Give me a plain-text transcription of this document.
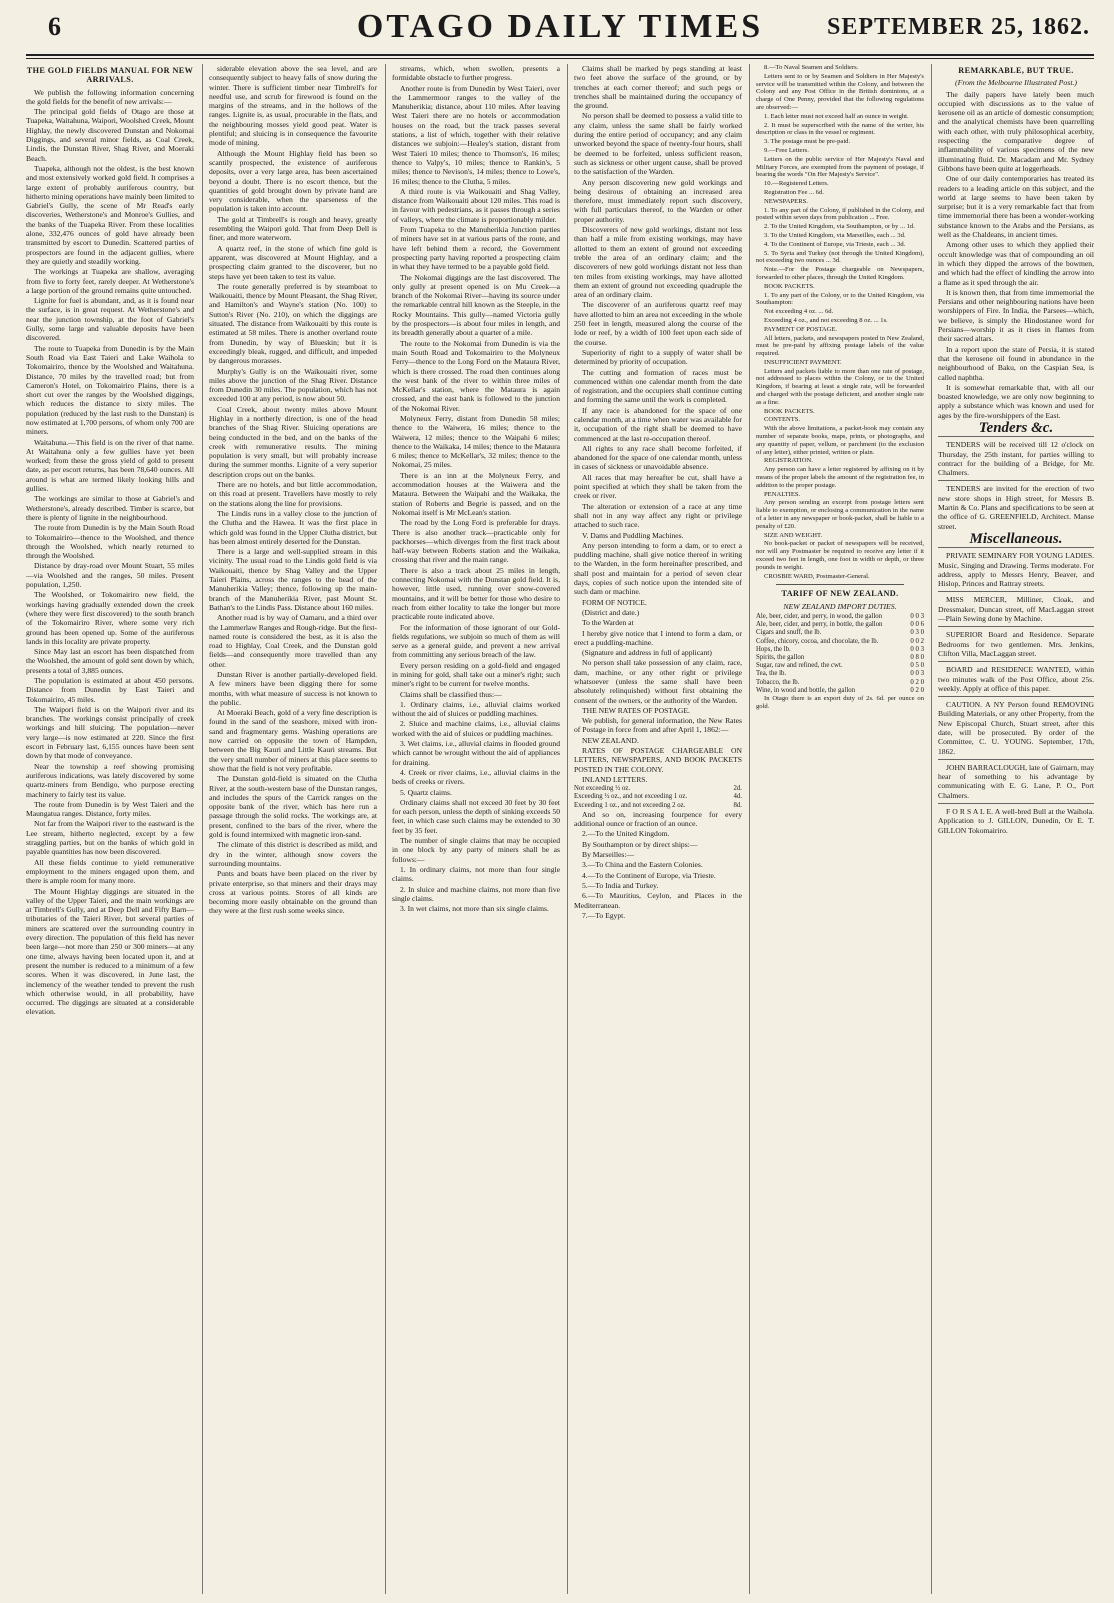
6	OTAGO DAILY TIMES	SEPTEMBER 25, 1862.
THE GOLD FIELDS MANUAL FOR NEW ARRIVALS.

We publish the following information concerning the gold fields for the benefit of new arrivals:—

The principal gold fields of Otago are those at Tuapeka, Waitahuna, Waipori, Woolshed Creek, Mount Highlay, the newly discovered Dunstan and Nokomai Diggings, and several minor fields, as Coal Creek, Lindis, the Dunstan River, Shag River, and Moeraki Beach.

Tuapeka, although not the oldest, is the best known and most extensively worked gold field. It comprises a large extent of probably auriferous country, but hitherto mining operations have mainly been limited to Gabriel's Gully, the scene of Mr Read's early discoveries, Wetherstone's and Monroe's Gullies, and the banks of the Tuapeka River. From these localities alone, 332,476 ounces of gold have already been transmitted by escort to Dunedin. Scattered parties of prospectors are found in the adjacent gullies, where they are quietly and steadily working.

The workings at Tuapeka are shallow, averaging from five to forty feet, rarely deeper. At Wetherstone's a large portion of the ground remains quite untouched.

Lignite for fuel is abundant, and, as it is found near the surface, is in great request. At Wetherstone's and near the junction township, at the foot of Gabriel's Gully, some large and valuable deposits have been discovered.

The route to Tuapeka from Dunedin is by the Main South Road via East Taieri and Lake Waihola to Tokomairiro, thence by the Woolshed and Waitahuna. Distance, 70 miles by the travelled road; but from Cameron's Hotel, on Tokomairiro Plains, there is a short cut over the ranges by the Woolshed diggings, which reduces the distance to sixty miles. The population (reduced by the last rush to the Dunstan) is now estimated at 1,700 persons, of whom only 700 are miners.

Waitahuna.—This field is on the river of that name. At Waitahuna only a few gullies have yet been worked; from these the gross yield of gold to present date, as per escort returns, has been 78,640 ounces. All around is what are termed likely looking hills and gullies.

The workings are similar to those at Gabriel's and Wetherstone's, already described. Timber is scarce, but there is plenty of lignite in the neighbourhood.

The route from Dunedin is by the Main South Road to Tokomairiro—thence to the Woolshed, and thence through the Woolshed, which nearly returned to through the Woolshed.

Distance by dray-road over Mount Stuart, 55 miles—via Woolshed and the ranges, 50 miles. Present population, 1,250.

The Woolshed, or Tokomairiro new field, the workings having gradually extended down the creek (where they were first discovered) to the south branch of the Tokomairiro River, where some very rich ground has been opened up. Some of the auriferous lands in this locality are private property.

Since May last an escort has been dispatched from the Woolshed, the amount of gold sent down by which, presents a total of 3,885 ounces.

The population is estimated at about 450 persons. Distance from Dunedin by East Taieri and Tokomairiro, 45 miles.

The Waipori field is on the Waipori river and its branches. The workings consist principally of creek workings and hill sluicing. The population—never very large—is now estimated at 220. Since the first escort in February last, 6,155 ounces have been sent down by that mode of conveyance.

Near the township a reef showing promising auriferous indications, was lately discovered by some quartz-miners from Bendigo, who purpose erecting machinery to fairly test its value.

The route from Dunedin is by West Taieri and the Maungatua ranges. Distance, forty miles.

Not far from the Waipori river to the eastward is the Lee stream, hitherto neglected, except by a few straggling parties, but on the banks of which gold in payable quantities has now been discovered.

All these fields continue to yield remunerative employment to the miners engaged upon them, and there is ample room for many more.

The Mount Highlay diggings are situated in the valley of the Upper Taieri, and the main workings are at Timbrell's Gully, and at Deep Dell and Fifty Barn—tributaries of the Taieri River, but several parties of miners are scattered over the surrounding country in every direction. The population of this field has never been large—not more than 250 or 300 miners—at any one time, always having been located upon it, and at present the number is reduced to a minimum of a few scores. When it was discovered, in June last, the inclemency of the weather tended to prevent the rush which otherwise would, in all probability, have occurred. The diggings are situated at a considerable elevation.

siderable elevation above the sea level, and are consequently subject to heavy falls of snow during the winter. There is sufficient timber near Timbrell's for needful use, and scrub for firewood is found on the margins of the streams, and in the hollows of the ranges. Lignite is, as usual, procurable in the flats, and the neighbouring mosses yield good peat. Water is plentiful; and sluicing is in consequence the favourite mode of mining.

Although the Mount Highlay field has been so scantily prospected, the existence of auriferous deposits, over a very large area, has been ascertained beyond a doubt. There is no escort thence, but the quantities of gold brought down by private hand are very considerable, when the sparseness of the population is taken into account.

The gold at Timbrell's is rough and heavy, greatly resembling the Waipori gold. That from Deep Dell is finer, and more waterworn.

A quartz reef, in the stone of which fine gold is apparent, was discovered at Mount Highlay, and a prospecting claim granted to the discoverer, but no steps have yet been taken to test its value.

The route generally preferred is by steamboat to Waikouaiti, thence by Mount Pleasant, the Shag River, and Hamilton's and Wayne's station (No. 100) to Sutton's River (No. 210), on which the diggings are situated. The distance from Waikouaiti by this route is estimated at 58 miles. There is another overland route from Dunedin, by way of Blueskin; but it is exceedingly bleak, rugged, and difficult, and impeded by dangerous morasses.

Murphy's Gully is on the Waikouaiti river, some miles above the junction of the Shag River. Distance from Dunedin 30 miles. The population, which has not exceeded 100 at any period, is now about 50.

Coal Creek, about twenty miles above Mount Highlay in a northerly direction, is one of the head branches of the Shag River. Sluicing operations are being conducted in the bed, and on the banks of the creek with remunerative results. The mining population is very small, but will probably increase during the summer months. Lignite of a very superior description crops out on the banks.

There are no hotels, and but little accommodation, on this road at present. Travellers have mostly to rely on the stations along the line for provisions.

The Lindis runs in a valley close to the junction of the Clutha and the Hawea. It was the first place in which gold was found in the Upper Clutha district, but has been almost entirely deserted for the Dunstan.

There is a large and well-supplied stream in this vicinity. The usual road to the Lindis gold field is via Waikouaiti, thence by Shag Valley and the Upper Taieri Plains, across the ranges to the head of the Manuherikia Valley; thence, following up the main-branch of the Manuherikia River, past Mount St. Bathan's to the Lindis Pass. Distance about 160 miles.

Another road is by way of Oamaru, and a third over the Lammerlaw Ranges and Rough-ridge. But the first-named route is considered the best, as it is also the road to Highlay, Coal Creek, and the Dunstan gold fields—and consequently more travelled than any other.

Dunstan River is another partially-developed field. A few miners have been digging there for some months, with what measure of success is not known to the public.

At Moeraki Beach, gold of a very fine description is found in the sand of the seashore, mixed with iron-sand and fragmentary gems. Washing operations are now carried on opposite the town of Hampden, between the Big Kauri and Little Kauri streams. But the very small number of miners at this place seems to show that the field is not very profitable.

The Dunstan gold-field is situated on the Clutha River, at the south-western base of the Dunstan ranges, and includes the spurs of the Carrick ranges on the opposite bank of the river, which has here run a passage through the solid rocks. The workings are, at present, confined to the bars of the river, where the gold is found intermixed with magnetic iron-sand.

The climate of this district is described as mild, and dry in the winter, although snow covers the surrounding mountains.

Punts and boats have been placed on the river by private enterprise, so that miners and their drays may cross at various points. Stores of all kinds are becoming more easily obtainable on the ground than they were at the first rush some weeks since.

streams, which, when swollen, presents a formidable obstacle to further progress.

Another route is from Dunedin by West Taieri, over the Lammermoor ranges to the valley of the Manuherikia; distance, about 110 miles. After leaving West Taieri there are no hotels or accommodation houses on the road, but the track passes several stations, a list of which, together with their relative distances we subjoin:—Healey's station, distant from West Taieri 10 miles; thence to Thomson's, 16 miles; thence to Valpy's, 10 miles; thence to Rankin's, 5 miles; thence to Nevison's, 14 miles; thence to Lowe's, 16 miles; thence to the Clutha, 5 miles.

A third route is via Waikouaiti and Shag Valley, distance from Waikouaiti about 120 miles. This road is in favour with pedestrians, as it passes through a series of valleys, where the climate is proportionably milder.

From Tuapeka to the Manuherikia Junction parties of miners have set in at various parts of the route, and have left behind them a record, the Government prospecting party having reported a prospecting claim in what they have termed to be a payable gold field.

The Nokomai diggings are the last discovered. The only gully at present opened is on Mu Creek—a branch of the Nokomai River—having its source under the remarkable central hill known as the Steeple, in the Rocky Mountains. This gully—named Victoria gully by the prospectors—is about four miles in length, and its breadth generally about a quarter of a mile.

The route to the Nokomai from Dunedin is via the main South Road and Tokomairiro to the Molyneux Ferry—thence to the Long Ford on the Mataura River, which is there crossed. The road then continues along the west bank of the river to within three miles of McKellar's station, where the Mataura is again crossed, and the east bank is followed to the junction of the Nokomai River.

Molyneux Ferry, distant from Dunedin 58 miles; thence to the Waiwera, 16 miles; thence to the Waiwera, 12 miles; thence to the Waipahi 6 miles; thence to the Waikaka, 14 miles; thence to the Mataura 6 miles; thence to McKellar's, 32 miles; thence to the Nokomai, 25 miles.

There is an inn at the Molyneux Ferry, and accommodation houses at the Waiwera and the Mataura. Between the Waipahi and the Waikaka, the station of Roberts and Begrie is passed, and on the Nokomai itself is Mr McLean's station.

The road by the Long Ford is preferable for drays. There is also another track—practicable only for packhorses—which diverges from the first track about half-way between Roberts station and the Waikaka, crossing that river and the main range.

There is also a track about 25 miles in length, connecting Nokomai with the Dunstan gold field. It is, however, little used, running over snow-covered mountains, and it will be better for those who desire to reach from either locality to take the longer but more practicable route indicated above.

For the information of those ignorant of our Gold-fields regulations, we subjoin so much of them as will serve as a general guide, and prevent a new arrival from committing any serious breach of the law.

Every person residing on a gold-field and engaged in mining for gold, shall take out a miner's right; such miner's right to be current for twelve months.

Claims shall be classified thus:—

1. Ordinary claims, i.e., alluvial claims worked without the aid of sluices or puddling machines.

2. Sluice and machine claims, i.e., alluvial claims worked with the aid of sluices or puddling machines.

3. Wet claims, i.e., alluvial claims in flooded ground which cannot be wrought without the aid of appliances for draining.

4. Creek or river claims, i.e., alluvial claims in the beds of creeks or rivers.

5. Quartz claims.

Ordinary claims shall not exceed 30 feet by 30 feet for each person, unless the depth of sinking exceeds 50 feet, in which case such claims may be extended to 30 feet by 35 feet.

The number of single claims that may be occupied in one block by any party of miners shall be as follows:—

1. In ordinary claims, not more than four single claims.

2. In sluice and machine claims, not more than five single claims.

3. In wet claims, not more than six single claims.

Claims shall be marked by pegs standing at least two feet above the surface of the ground, or by trenches at each corner thereof; and such pegs or trenches shall be maintained during the occupancy of the ground.

No person shall be deemed to possess a valid title to any claim, unless the same shall be fairly worked during the entire period of occupancy; and any claim unworked beyond the space of twenty-four hours, shall be deemed to be forfeited, unless sufficient reason, such as sickness or other urgent cause, shall be proved to the satisfaction of the Warden.

Any person discovering new gold workings and being desirous of obtaining an increased area therefore, must immediately report such discovery, with full particulars thereof, to the Warden or other proper authority.

Discoverers of new gold workings, distant not less than half a mile from existing workings, may have allotted to them an extent of ground not exceeding treble the area of an ordinary claim; and the discoverers of new gold workings distant not less than ten miles from existing workings, may have allotted them an extent of ground not exceeding quadruple the area of an ordinary claim.

The discoverer of an auriferous quartz reef may have allotted to him an area not exceeding in the whole 250 feet in length, measured along the course of the lode or reef, by a width of 100 feet upon each side of the course.

Superiority of right to a supply of water shall be determined by priority of occupation.

The cutting and formation of races must be commenced within one calendar month from the date of registration, and the occupiers shall continue cutting and forming the same until the work is completed.

If any race is abandoned for the space of one calendar month, at a time when water was available for it, occupation of the right shall be deemed to have commenced at the last re-occupation thereof.

All rights to any race shall become forfeited, if abandoned for the space of one calendar month, unless in cases of sickness or unavoidable absence.

All races that may hereafter be cut, shall have a point specified at which they shall be taken from the creek or river.

The alteration or extension of a race at any time shall not in any way affect any right or privilege attached to such race.

V. Dams and Puddling Machines.

Any person intending to form a dam, or to erect a puddling machine, shall give notice thereof in writing to the Warden, in the form hereinafter prescribed, and shall post and maintain for a period of seven clear days, copies of such notice upon the intended site of such dam or machine.

FORM OF NOTICE.

(District and date.)

To the Warden at

I hereby give notice that I intend to form a dam, or erect a puddling-machine.

(Signature and address in full of applicant)

No person shall take possession of any claim, race, dam, machine, or any other right or privilege whatsoever (unless the same shall have been absolutely relinquished) without first obtaining the consent of the owners, or the authority of the Warden.

THE NEW RATES OF POSTAGE.

We publish, for general information, the New Rates of Postage in force from and after April 1, 1862:—

NEW ZEALAND.

RATES OF POSTAGE CHARGEABLE ON LETTERS, NEWSPAPERS, AND BOOK PACKETS POSTED IN THE COLONY.

INLAND LETTERS.

Not exceeding ½ oz.	2d.
Exceeding ½ oz., and not exceeding 1 oz.	4d.
Exceeding 1 oz., and not exceeding 2 oz.	8d.

And so on, increasing fourpence for every additional ounce or fraction of an ounce.

2.—To the United Kingdom.

By Southampton or by direct ships:—

By Marseilles:—

3.—To China and the Eastern Colonies.

4.—To the Continent of Europe, via Trieste.

5.—To India and Turkey.

6.—To Mauritius, Ceylon, and Places in the Mediterranean.

7.—To Egypt.

8.—To Naval Seamen and Soldiers.

Letters sent to or by Seamen and Soldiers in Her Majesty's service will be transmitted within the Colony, and between the Colony and any Post Office in the British dominions, at a charge of One Penny, provided that the following regulations are observed:—

1. Each letter must not exceed half an ounce in weight.

2. It must be superscribed with the name of the writer, his description or class in the vessel or regiment.

3. The postage must be pre-paid.

9.—Free Letters.

Letters on the public service of Her Majesty's Naval and Military Forces, are exempted from the payment of postage, if bearing the words "On Her Majesty's Service".

10.—Registered Letters.

Registration Fee ... 6d.

NEWSPAPERS.

1. To any part of the Colony, if published in the Colony, and posted within seven days from publication ... Free.

2. To the United Kingdom, via Southampton, or by ... 1d.

3. To the United Kingdom, via Marseilles, each ... 3d.

4. To the Continent of Europe, via Trieste, each ... 3d.

5. To Syria and Turkey (not through the United Kingdom), not exceeding two ounces ... 3d.

Note.—For the Postage chargeable on Newspapers, forwarded to other places, through the United Kingdom.

BOOK PACKETS.

1. To any part of the Colony, or to the United Kingdom, via Southampton:

Not exceeding 4 oz. ... 6d.

Exceeding 4 oz., and not exceeding 8 oz. ... 1s.

PAYMENT OF POSTAGE.

All letters, packets, and newspapers posted in New Zealand, must be pre-paid by affixing postage labels of the value required.

INSUFFICIENT PAYMENT.

Letters and packets liable to more than one rate of postage, not addressed to places within the Colony, or to the United Kingdom, if bearing at least a single rate, will be forwarded and charged with the postage deficient, and another single rate as a fine.

BOOK PACKETS.

CONTENTS.

With the above limitations, a packet-book may contain any number of separate books, maps, prints, or photographs, and any quantity of paper, vellum, or parchment (to the exclusion of any letter), either printed, written or plain.

REGISTRATION.

Any person can have a letter registered by affixing on it by means of the proper labels the amount of the registration fee, in addition to the proper postage.

PENALTIES.

Any person sending an excerpt from postage letters sent liable to exemption, or enclosing a communication in the name of a letter in any newspaper or book-packet, shall be liable to a penalty of £20.

SIZE AND WEIGHT.

No book-packet or packet of newspapers will be received, nor will any Postmaster be required to receive any letter if it exceed two feet in length, one foot in width or depth, or three pounds in weight.

CROSBIE WARD, Postmaster-General.

TARIFF OF NEW ZEALAND.
NEW ZEALAND IMPORT DUTIES.
Ale, beer, cider, and perry, in wood, the gallon	0 0 3
Ale, beer, cider, and perry, in bottle, the gallon	0 0 6
Cigars and snuff, the lb.	0 3 0
Coffee, chicory, cocoa, and chocolate, the lb.	0 0 2
Hops, the lb.	0 0 3
Spirits, the gallon	0 8 0
Sugar, raw and refined, the cwt.	0 5 0
Tea, the lb.	0 0 3
Tobacco, the lb.	0 2 0
Wine, in wood and bottle, the gallon	0 2 0

In Otago there is an export duty of 2s. 6d. per ounce on gold.

REMARKABLE, BUT TRUE.
(From the Melbourne Illustrated Post.)

The daily papers have lately been much occupied with discussions as to the value of kerosene oil as an article of domestic consumption; and the analytical chemists have been quarrelling with each other, with truly philosophical acerbity, respecting the comparative degree of inflammability of various specimens of the new illuminating fluid. Dr. Macadam and Mr. Sydney Gibbons have been quite at loggerheads.

One of our daily contemporaries has treated its readers to a leading article on this subject, and the world at large seems to have been taken by surprise; but it is a very remarkable fact that from time immemorial there has been a wonder-working substance known to the Arabs and the Persians, as well as the Chaldeans, in ancient times.

Among other uses to which they applied their occult knowledge was that of compounding an oil in which they dipped the arrows of the bowmen, and which had the effect of kindling the arrow into a flame as it sped through the air.

It is known then, that from time immemorial the Persians and other neighbouring nations have been worshippers of Fire. In India, the Parsees—which, we believe, is simply the Hindostanee word for Persians—worship it as it rises in flames from their sacred altars.

In a report upon the state of Persia, it is stated that the kerosene oil found in abundance in the neighbourhood of Baku, on the Caspian Sea, is called naphtha.

It is somewhat remarkable that, with all our boasted knowledge, we are only now beginning to apply a substance which was known and used for ages by the fire-worshippers of the East.

Tenders &c.

TENDERS will be received till 12 o'clock on Thursday, the 25th instant, for parties willing to contract for the building of a Bridge, for Mr. Chalmers.

TENDERS are invited for the erection of two new store shops in High street, for Messrs B. Martin & Co. Plans and specifications to be seen at the office of G. GREENFIELD, Architect. Manse street.

Miscellaneous.

PRIVATE SEMINARY FOR YOUNG LADIES. Music, Singing and Drawing. Terms moderate. For address, apply to Messrs Henry, Beaver, and Hislop, Princes and Rattray streets.

MISS MERCER, Milliner, Cloak, and Dressmaker, Duncan street, off MacLaggan street—Plain Sewing done by Machine.

SUPERIOR Board and Residence. Separate Bedrooms for two gentlemen. Mrs. Jenkins, Clifton Villa, MacLaggan street.

BOARD and RESIDENCE WANTED, within two minutes walk of the Post Office, about 25s. weekly. Apply at office of this paper.

CAUTION. A NY Person found REMOVING Building Materials, or any other Property, from the New Episcopal Church, Stuart street, after this date, will be prosecuted. By order of the Committee, C. U. YOUNG. September, 17th, 1862.

JOHN BARRACLOUGH, late of Gairnarn, may hear of something to his advantage by communicating with E. G. Lane, P. O., Port Chalmers.

F O R S A L E. A well-bred Bull at the Waihola. Application to J. GILLON, Dunedin, Or E. T. GILLON Tokomairiro.
